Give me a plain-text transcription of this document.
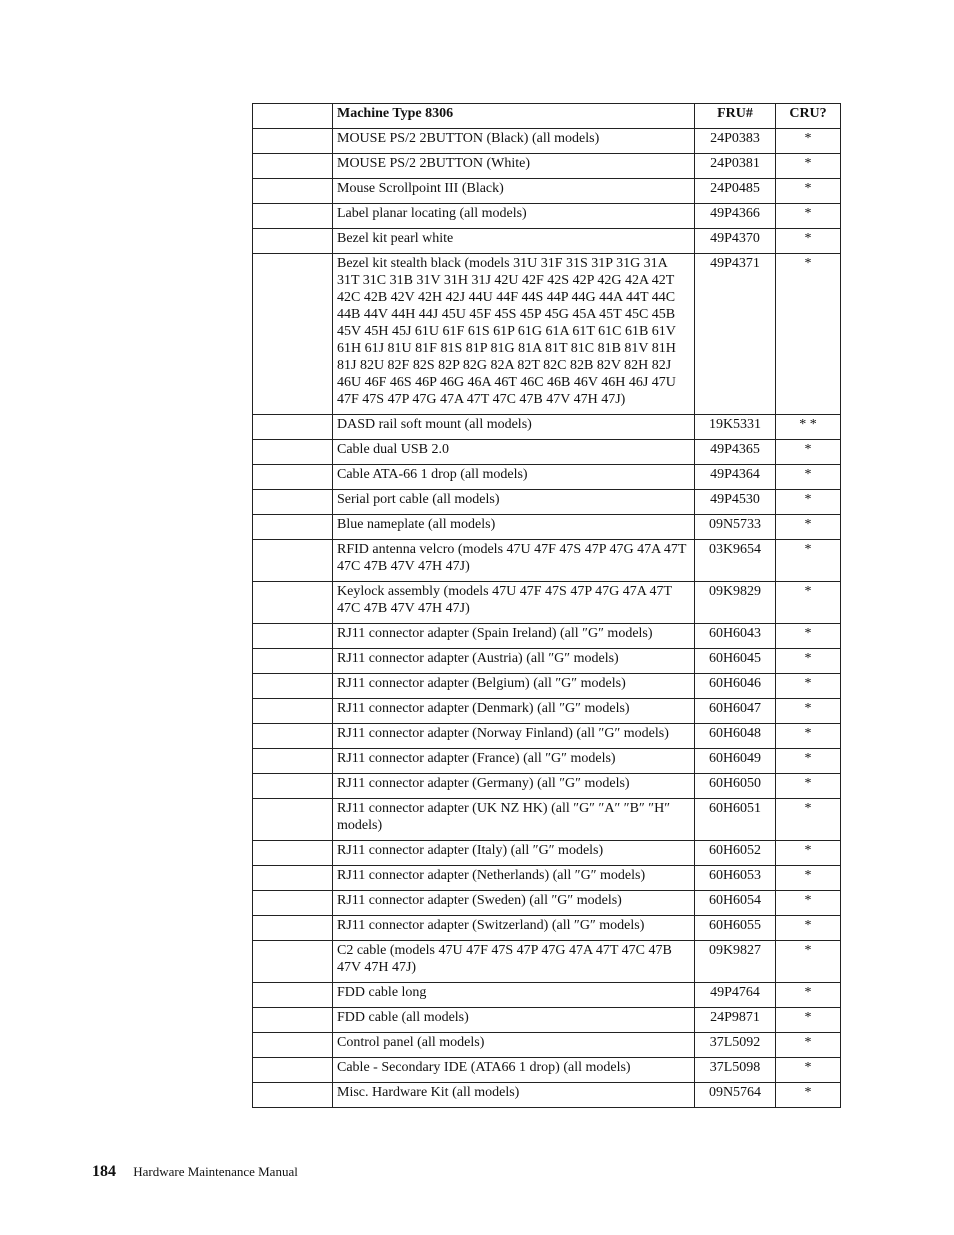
	Machine Type 8306	FRU#	CRU?
	MOUSE PS/2 2BUTTON (Black) (all models)	24P0383	*
	MOUSE PS/2 2BUTTON (White)	24P0381	*
	Mouse Scrollpoint III (Black)	24P0485	*
	Label planar locating (all models)	49P4366	*
	Bezel kit pearl white	49P4370	*
	Bezel kit stealth black (models 31U 31F 31S 31P 31G 31A 31T 31C 31B 31V 31H 31J 42U 42F 42S 42P 42G 42A 42T 42C 42B 42V 42H 42J 44U 44F 44S 44P 44G 44A 44T 44C 44B 44V 44H 44J 45U 45F 45S 45P 45G 45A 45T 45C 45B 45V 45H 45J 61U 61F 61S 61P 61G 61A 61T 61C 61B 61V 61H 61J 81U 81F 81S 81P 81G 81A 81T 81C 81B 81V 81H 81J 82U 82F 82S 82P 82G 82A 82T 82C 82B 82V 82H 82J 46U 46F 46S 46P 46G 46A 46T 46C 46B 46V 46H 46J 47U 47F 47S 47P 47G 47A 47T 47C 47B 47V 47H 47J)	49P4371	*
	DASD rail soft mount (all models)	19K5331	* *
	Cable dual USB 2.0	49P4365	*
	Cable ATA-66 1 drop (all models)	49P4364	*
	Serial port cable (all models)	49P4530	*
	Blue nameplate (all models)	09N5733	*
	RFID antenna velcro (models 47U 47F 47S 47P 47G 47A 47T 47C 47B 47V 47H 47J)	03K9654	*
	Keylock assembly (models 47U 47F 47S 47P 47G 47A 47T 47C 47B 47V 47H 47J)	09K9829	*
	RJ11 connector adapter (Spain Ireland) (all ″G″ models)	60H6043	*
	RJ11 connector adapter (Austria) (all ″G″ models)	60H6045	*
	RJ11 connector adapter (Belgium) (all ″G″ models)	60H6046	*
	RJ11 connector adapter (Denmark) (all ″G″ models)	60H6047	*
	RJ11 connector adapter (Norway Finland) (all ″G″ models)	60H6048	*
	RJ11 connector adapter (France) (all ″G″ models)	60H6049	*
	RJ11 connector adapter (Germany) (all ″G″ models)	60H6050	*
	RJ11 connector adapter (UK NZ HK) (all ″G″ ″A″ ″B″ ″H″ models)	60H6051	*
	RJ11 connector adapter (Italy) (all ″G″ models)	60H6052	*
	RJ11 connector adapter (Netherlands) (all ″G″ models)	60H6053	*
	RJ11 connector adapter (Sweden) (all ″G″ models)	60H6054	*
	RJ11 connector adapter (Switzerland) (all ″G″ models)	60H6055	*
	C2 cable (models 47U 47F 47S 47P 47G 47A 47T 47C 47B 47V 47H 47J)	09K9827	*
	FDD cable long	49P4764	*
	FDD cable (all models)	24P9871	*
	Control panel (all models)	37L5092	*
	Cable - Secondary IDE (ATA66 1 drop) (all models)	37L5098	*
	Misc. Hardware Kit (all models)	09N5764	*
184 Hardware Maintenance Manual
